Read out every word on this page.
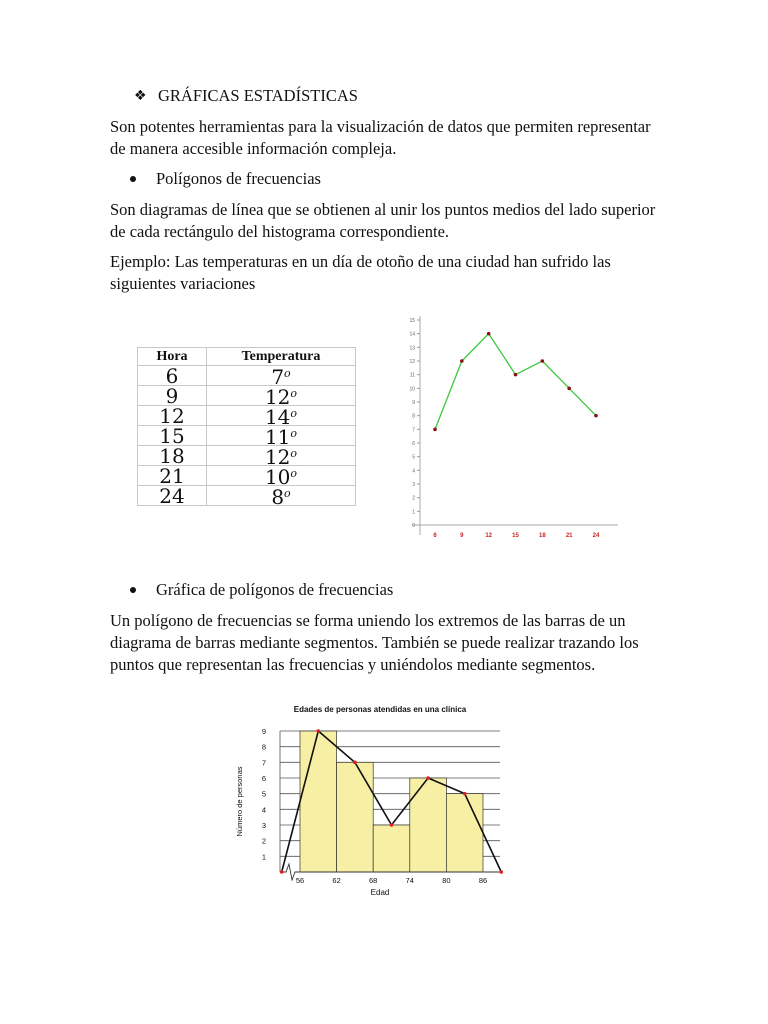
❖ GRÁFICAS ESTADÍSTICAS
Son potentes herramientas para la visualización de datos que permiten representar de manera accesible información compleja.
Polígonos de frecuencias
Son diagramas de línea que se obtienen al unir los puntos medios del lado superior de cada rectángulo del histograma correspondiente.
Ejemplo: Las temperaturas en un día de otoño de una ciudad han sufrido las siguientes variaciones
Hora	Temperatura
6	7$^o$
9	12$^o$
12	14$^o$
15	11$^o$
18	12$^o$
21	10$^o$
24	8$^o$
0
1
2
3
4
5
6
7
8
9
10
11
12
13
14
15
6	9	12	15	18	21	24
Gráfica de polígonos de frecuencias
Un polígono de frecuencias se forma uniendo los extremos de las barras de un diagrama de barras mediante segmentos. También se puede realizar trazando los puntos que representan las frecuencias y uniéndolos mediante segmentos.
Edades de personas atendidas en una clínica
1
2
3
4
5
6
7
8
9
56	62	68	74	80	86
Edad
Número de personas
